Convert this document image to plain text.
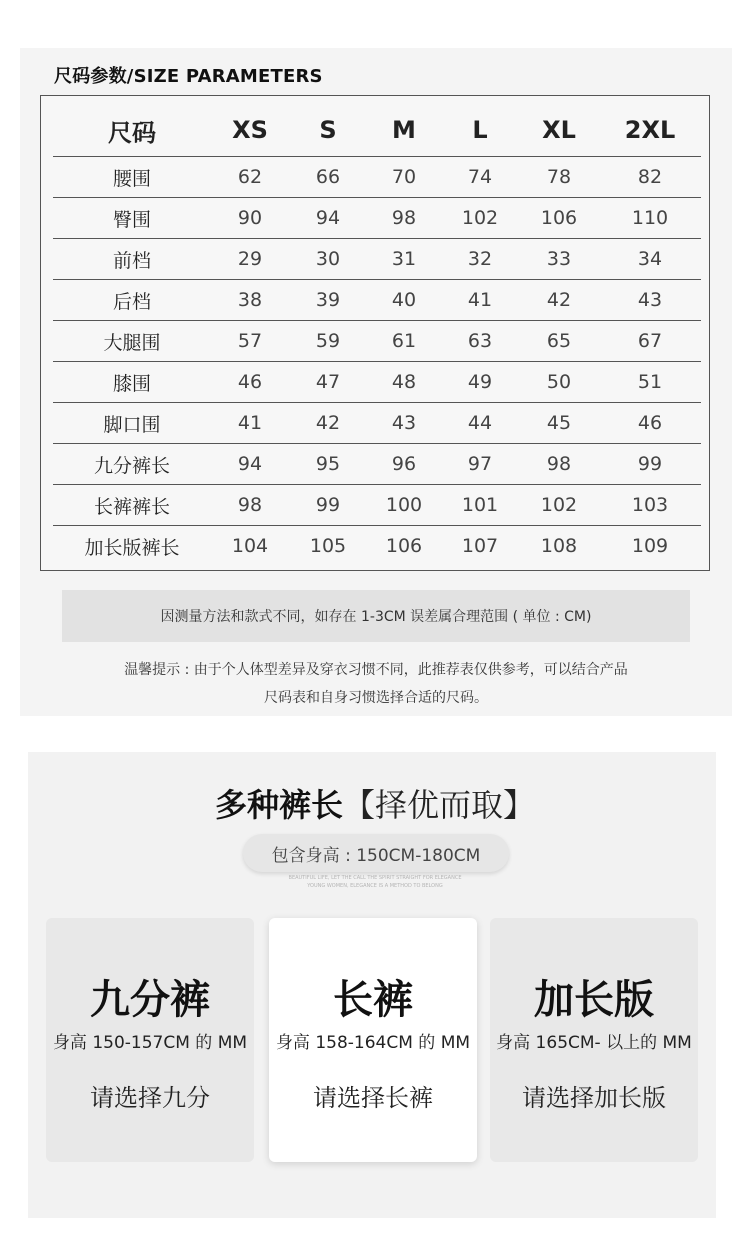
尺码参数/SIZE PARAMETERS
尺码	XS	S	M	L	XL	2XL
腰围	62	66	70	74	78	82
臀围	90	94	98	102	106	110
前档	29	30	31	32	33	34
后档	38	39	40	41	42	43
大腿围	57	59	61	63	65	67
膝围	46	47	48	49	50	51
脚口围	41	42	43	44	45	46
九分裤长	94	95	96	97	98	99
长裤裤长	98	99	100	101	102	103
加长版裤长	104	105	106	107	108	109
因测量方法和款式不同，如存在 1-3CM 误差属合理范围 ( 单位 : CM)
温馨提示 : 由于个人体型差异及穿衣习惯不同，此推荐表仅供参考，可以结合产品
尺码表和自身习惯选择合适的尺码。
多种裤长【择优而取】
包含身高 : 150CM-180CM
BEAUTIFUL LIFE, LET THE CALL THE SPIRIT STRAIGHT FOR ELEGANCE
YOUNG WOMEN, ELEGANCE IS A METHOD TO BELONG
九分裤
身高 150-157CM 的 MM
请选择九分
长裤
身高 158-164CM 的 MM
请选择长裤
加长版
身高 165CM- 以上的 MM
请选择加长版
